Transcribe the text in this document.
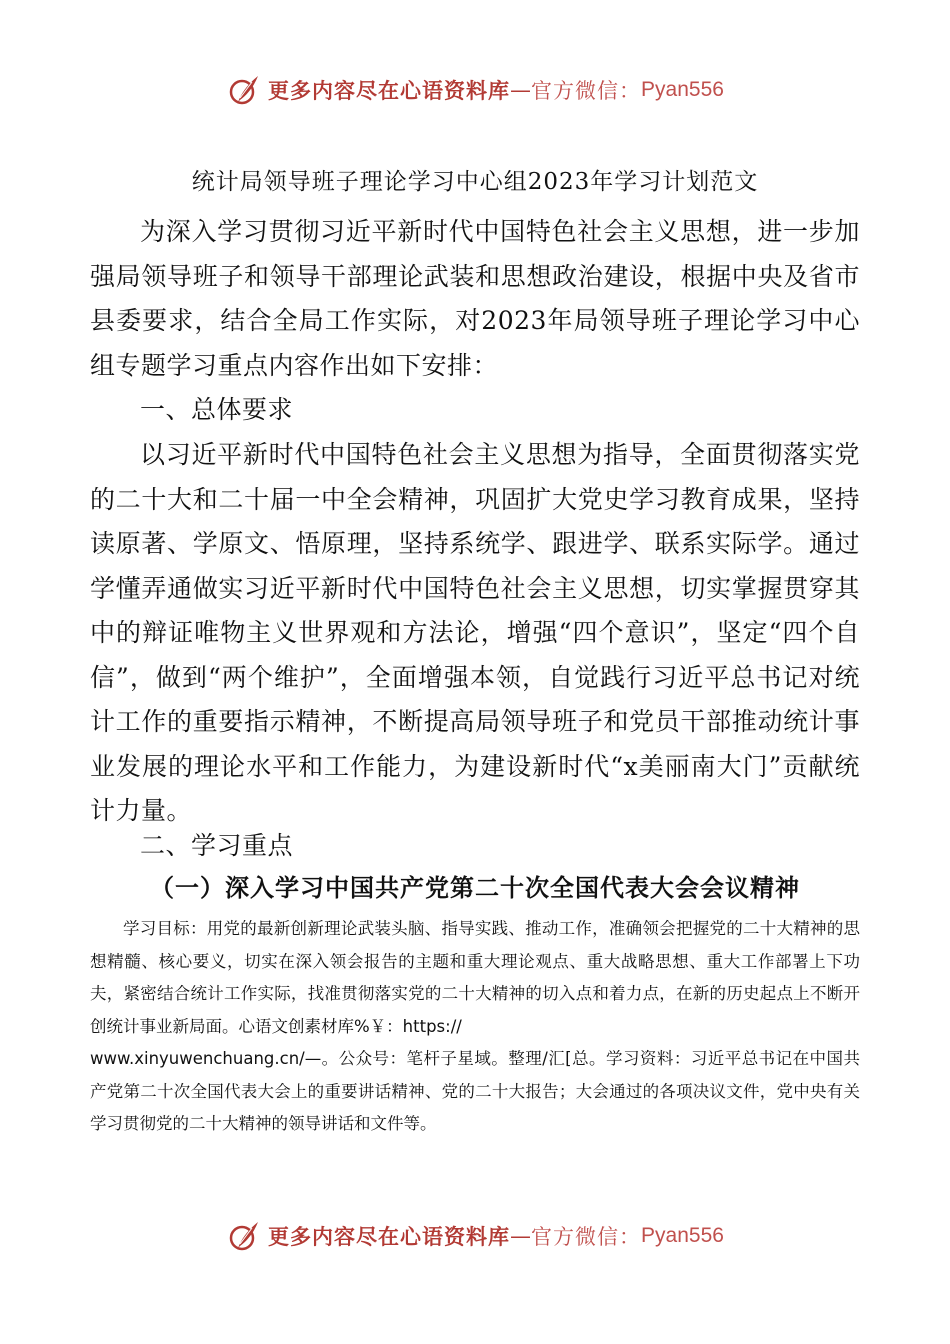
更多内容尽在心语资料库 — 官方微信： Pyan556
统计局领导班子理论学习中心组2023年学习计划范文
为深入学习贯彻习近平新时代中国特色社会主义思想，进一步加强局领导班子和领导干部理论武装和思想政治建设，根据中央及省市县委要求，结合全局工作实际，对2023年局领导班子理论学习中心组专题学习重点内容作出如下安排：
一、总体要求
以习近平新时代中国特色社会主义思想为指导，全面贯彻落实党的二十大和二十届一中全会精神，巩固扩大党史学习教育成果，坚持读原著、学原文、悟原理，坚持系统学、跟进学、联系实际学。通过学懂弄通做实习近平新时代中国特色社会主义思想，切实掌握贯穿其中的辩证唯物主义世界观和方法论，增强“四个意识”，坚定“四个自信”，做到“两个维护”，全面增强本领，自觉践行习近平总书记对统计工作的重要指示精神，不断提高局领导班子和党员干部推动统计事业发展的理论水平和工作能力，为建设新时代“x美丽南大门”贡献统计力量。
二、学习重点
（一）深入学习中国共产党第二十次全国代表大会会议精神
学习目标：用党的最新创新理论武装头脑、指导实践、推动工作，准确领会把握党的二十大精神的思想精髓、核心要义，切实在深入领会报告的主题和重大理论观点、重大战略思想、重大工作部署上下功夫，紧密结合统计工作实际，找准贯彻落实党的二十大精神的切入点和着力点，在新的历史起点上不断开创统计事业新局面。心语文创素材库%￥：https://
www.xinyuwenchuang.cn/—。公众号：笔杆子星域。整理/汇[总。学习资料：习近平总书记在中国共产党第二十次全国代表大会上的重要讲话精神、党的二十大报告；大会通过的各项决议文件，党中央有关学习贯彻党的二十大精神的领导讲话和文件等。
更多内容尽在心语资料库 — 官方微信： Pyan556
